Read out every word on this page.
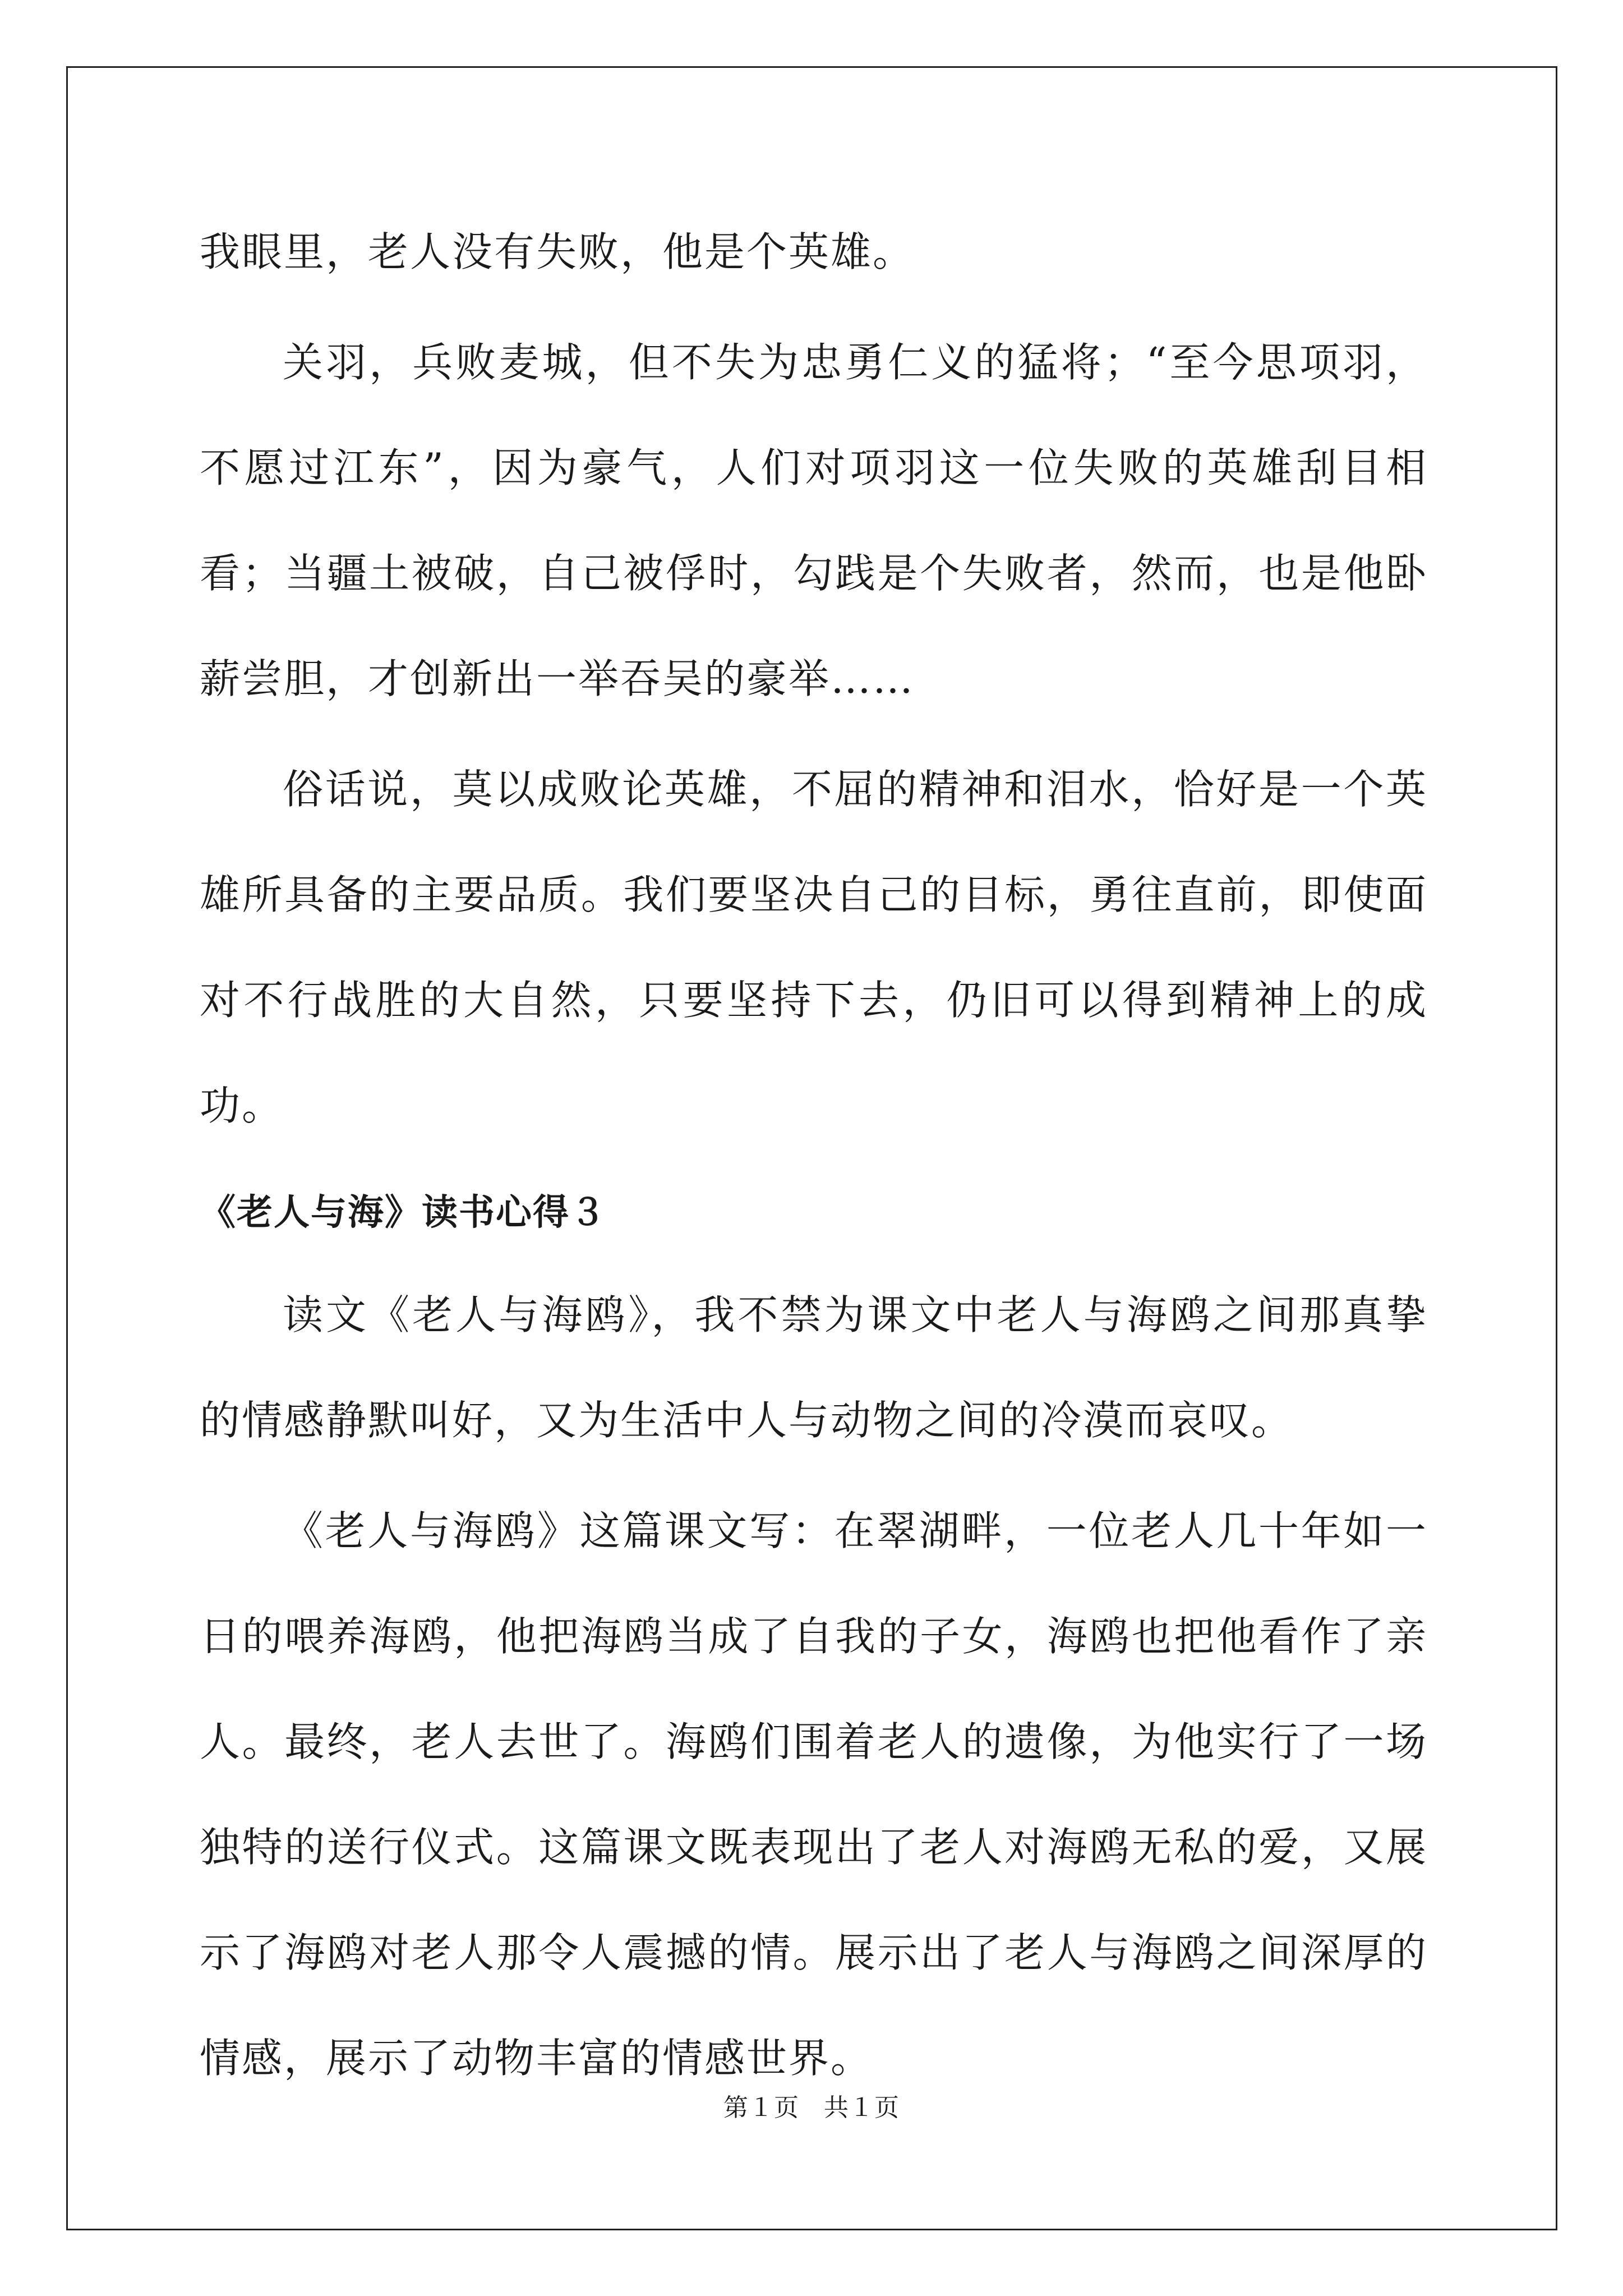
我眼里，老人没有失败，他是个英雄。

关羽，兵败麦城，但不失为忠勇仁义的猛将；“至今思项羽，不愿过江东”，因为豪气，人们对项羽这一位失败的英雄刮目相看；当疆土被破，自己被俘时，勾践是个失败者，然而，也是他卧薪尝胆，才创新出一举吞吴的豪举……

俗话说，莫以成败论英雄，不屈的精神和泪水，恰好是一个英雄所具备的主要品质。我们要坚决自己的目标，勇往直前，即使面对不行战胜的大自然，只要坚持下去，仍旧可以得到精神上的成功。

《老人与海》读书心得３

读文《老人与海鸥》，我不禁为课文中老人与海鸥之间那真挚的情感静默叫好，又为生活中人与动物之间的冷漠而哀叹。

《老人与海鸥》这篇课文写：在翠湖畔，一位老人几十年如一日的喂养海鸥，他把海鸥当成了自我的子女，海鸥也把他看作了亲人。最终，老人去世了。海鸥们围着老人的遗像，为他实行了一场独特的送行仪式。这篇课文既表现出了老人对海鸥无私的爱，又展示了海鸥对老人那令人震撼的情。展示出了老人与海鸥之间深厚的情感，展示了动物丰富的情感世界。

第１页 共１页
